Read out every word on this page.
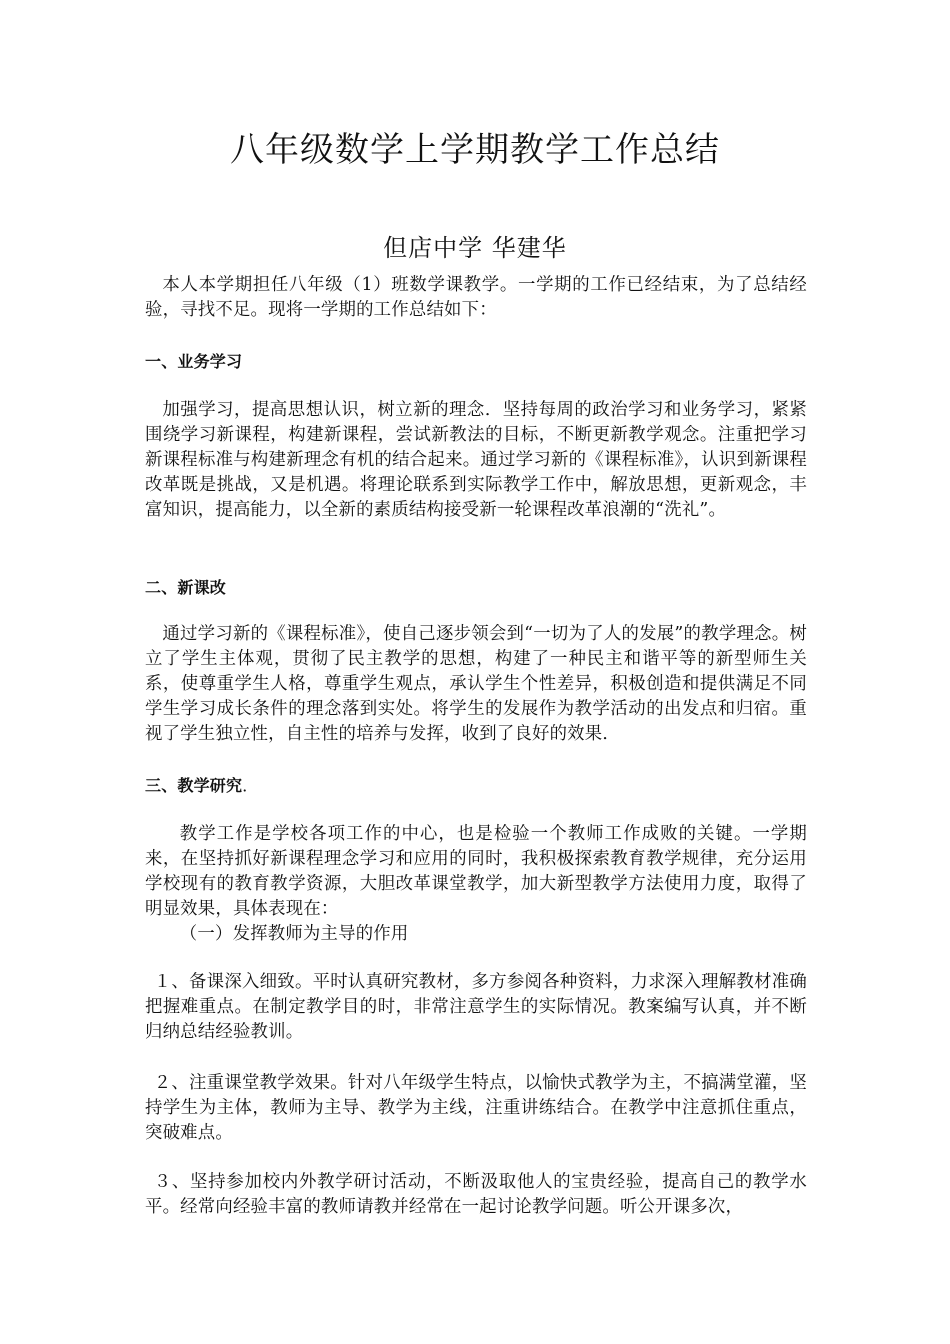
八年级数学上学期教学工作总结
但店中学 华建华

本人本学期担任八年级（1）班数学课教学。一学期的工作已经结束，为了总结经验，寻找不足。现将一学期的工作总结如下：

一、业务学习

加强学习，提高思想认识，树立新的理念．坚持每周的政治学习和业务学习，紧紧围绕学习新课程，构建新课程，尝试新教法的目标，不断更新教学观念。注重把学习新课程标准与构建新理念有机的结合起来。通过学习新的《课程标准》，认识到新课程改革既是挑战，又是机遇。将理论联系到实际教学工作中，解放思想，更新观念，丰富知识，提高能力，以全新的素质结构接受新一轮课程改革浪潮的“洗礼”。

二、新课改

通过学习新的《课程标准》，使自己逐步领会到“一切为了人的发展”的教学理念。树立了学生主体观，贯彻了民主教学的思想，构建了一种民主和谐平等的新型师生关系，使尊重学生人格，尊重学生观点，承认学生个性差异，积极创造和提供满足不同学生学习成长条件的理念落到实处。将学生的发展作为教学活动的出发点和归宿。重视了学生独立性，自主性的培养与发挥，收到了良好的效果．

三、教学研究．

教学工作是学校各项工作的中心，也是检验一个教师工作成败的关键。一学期来，在坚持抓好新课程理念学习和应用的同时，我积极探索教育教学规律，充分运用学校现有的教育教学资源，大胆改革课堂教学，加大新型教学方法使用力度，取得了明显效果，具体表现在：

（一）发挥教师为主导的作用

１、备课深入细致。平时认真研究教材，多方参阅各种资料，力求深入理解教材准确把握难重点。在制定教学目的时，非常注意学生的实际情况。教案编写认真，并不断归纳总结经验教训。

２、注重课堂教学效果。针对八年级学生特点，以愉快式教学为主，不搞满堂灌，坚持学生为主体，教师为主导、教学为主线，注重讲练结合。在教学中注意抓住重点，突破难点。

３、坚持参加校内外教学研讨活动，不断汲取他人的宝贵经验，提高自己的教学水平。经常向经验丰富的教师请教并经常在一起讨论教学问题。听公开课多次，
